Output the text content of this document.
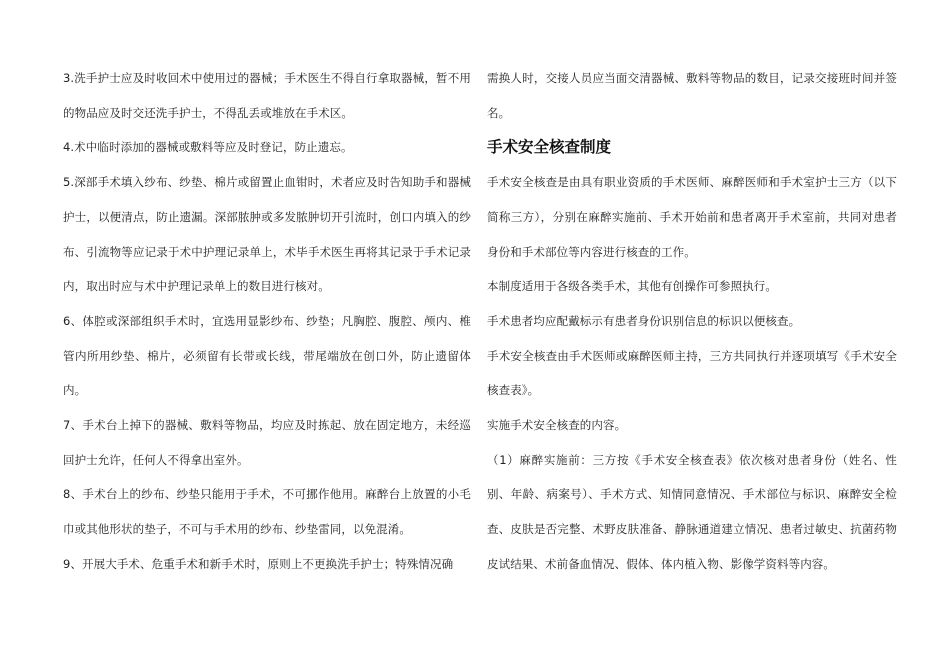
3.洗手护士应及时收回术中使用过的器械；手术医生不得自行拿取器械，暂不用的物品应及时交还洗手护士，不得乱丢或堆放在手术区。

4.术中临时添加的器械或敷料等应及时登记，防止遗忘。

5.深部手术填入纱布、纱垫、棉片或留置止血钳时，术者应及时告知助手和器械护士，以便清点，防止遗漏。深部脓肿或多发脓肿切开引流时，创口内填入的纱布、引流物等应记录于术中护理记录单上，术毕手术医生再将其记录于手术记录内，取出时应与术中护理记录单上的数目进行核对。

6、体腔或深部组织手术时，宜选用显影纱布、纱垫；凡胸腔、腹腔、颅内、椎管内所用纱垫、棉片，必须留有长带或长线，带尾端放在创口外，防止遗留体内。

7、手术台上掉下的器械、敷料等物品，均应及时拣起、放在固定地方，未经巡回护士允许，任何人不得拿出室外。

8、手术台上的纱布、纱垫只能用于手术，不可挪作他用。麻醉台上放置的小毛巾或其他形状的垫子，不可与手术用的纱布、纱垫雷同，以免混淆。

9、开展大手术、危重手术和新手术时，原则上不更换洗手护士；特殊情况确

需换人时，交接人员应当面交清器械、敷料等物品的数目，记录交接班时间并签名。

手术安全核查制度

手术安全核查是由具有职业资质的手术医师、麻醉医师和手术室护士三方（以下简称三方），分别在麻醉实施前、手术开始前和患者离开手术室前，共同对患者身份和手术部位等内容进行核查的工作。

本制度适用于各级各类手术，其他有创操作可参照执行。

手术患者均应配戴标示有患者身份识别信息的标识以便核查。

手术安全核查由手术医师或麻醉医师主持，三方共同执行并逐项填写《手术安全核查表》。

实施手术安全核查的内容。

（1）麻醉实施前：三方按《手术安全核查表》依次核对患者身份（姓名、性别、年龄、病案号）、手术方式、知情同意情况、手术部位与标识、麻醉安全检查、皮肤是否完整、术野皮肤准备、静脉通道建立情况、患者过敏史、抗菌药物皮试结果、术前备血情况、假体、体内植入物、影像学资料等内容。
